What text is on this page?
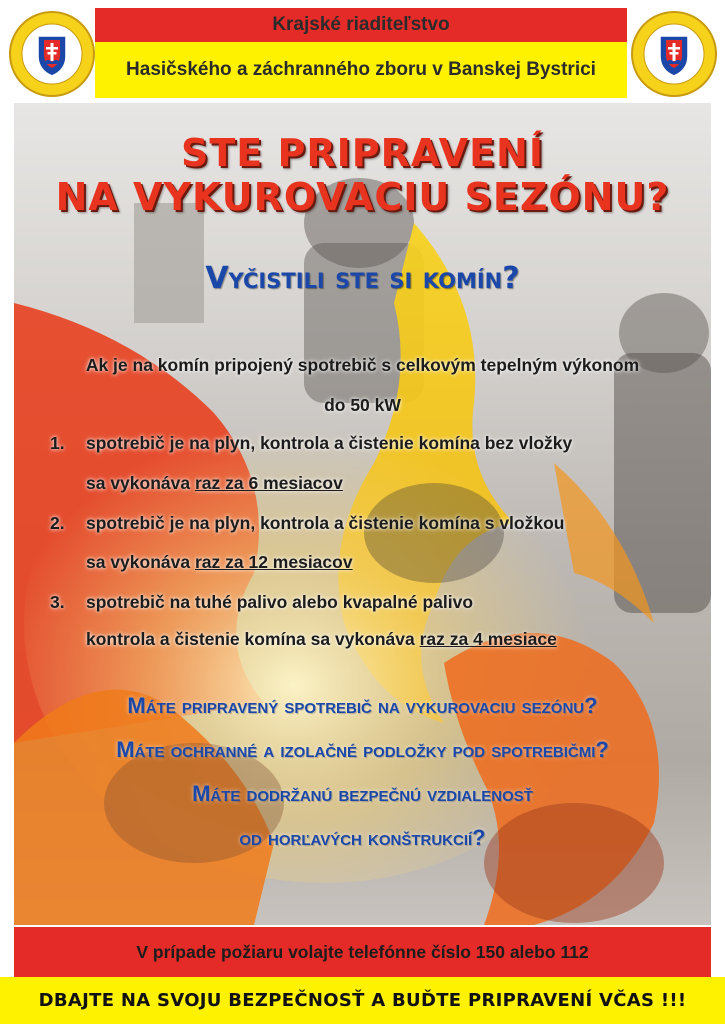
Krajské riaditeľstvo
Hasičského a záchranného zboru v Banskej Bystrici
STE PRIPRAVENÍ
NA VYKUROVACIU SEZÓNU?
Vyčistili ste si komín?
Ak je na komín pripojený spotrebič s celkovým tepelným výkonom
do 50 kW
1. spotrebič je na plyn, kontrola a čistenie komína bez vložky
sa vykonáva raz za 6 mesiacov
2. spotrebič je na plyn, kontrola a čistenie komína s vložkou
sa vykonáva raz za 12 mesiacov
3. spotrebič na tuhé palivo alebo kvapalné palivo
kontrola a čistenie komína sa vykonáva raz za 4 mesiace
Máte pripravený spotrebič na vykurovaciu sezónu?
Máte ochranné a izolačné podložky pod spotrebičmi?
Máte dodržanú bezpečnú vzdialenosť
od horľavých konštrukcií?
V prípade požiaru volajte telefónne číslo 150 alebo 112
DBAJTE NA SVOJU BEZPEČNOSŤ A BUĎTE PRIPRAVENÍ VČAS !!!
